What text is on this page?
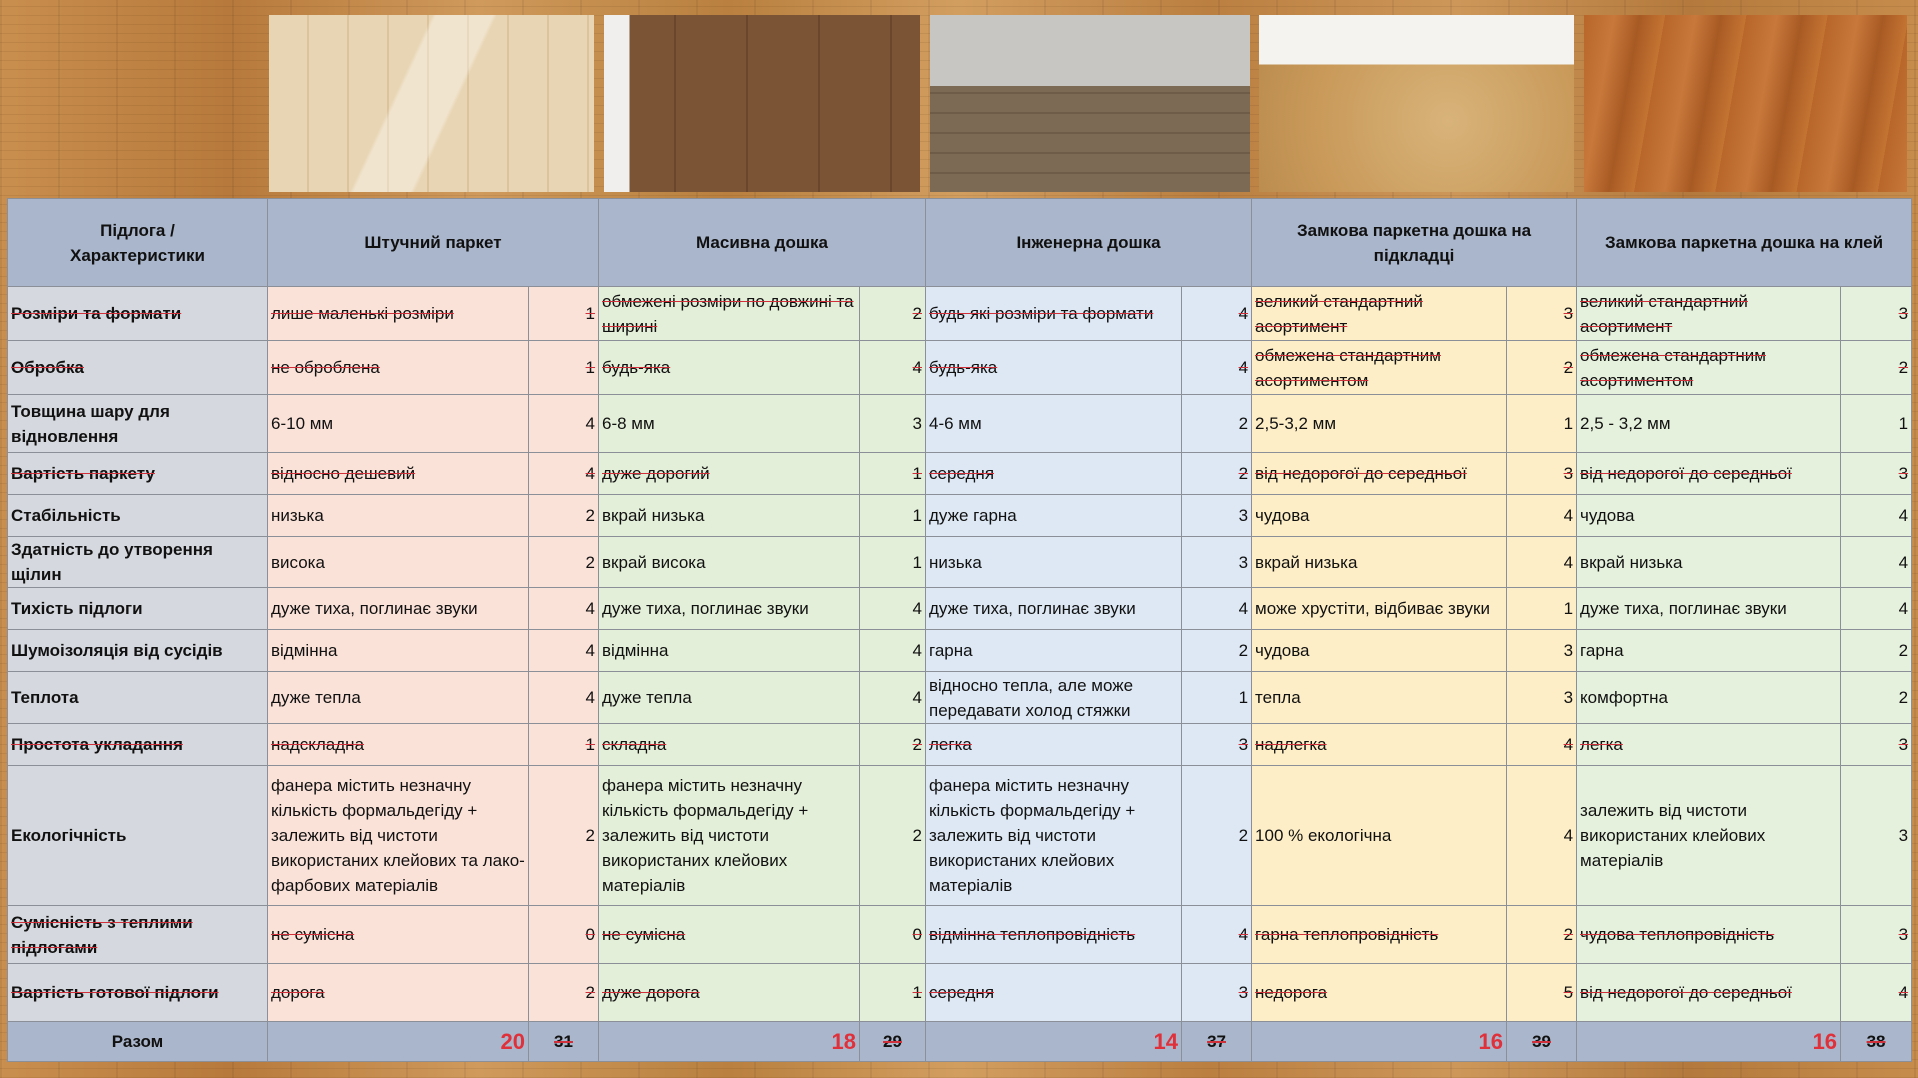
Підлога / Характеристики	Штучний паркет		Масивна дошка		Інженерна дошка		Замкова паркетна дошка на підкладці		Замкова паркетна дошка на клей	
Розміри та формати	лише маленькі розміри	1	обмежені розміри по довжині та ширині	2	будь які розміри та формати	4	великий стандартний асортимент	3	великий стандартний асортимент	3
Обробка	не оброблена	1	будь-яка	4	будь-яка	4	обмежена стандартним асортиментом	2	обмежена стандартним асортиментом	2
Товщина шару для відновлення	6-10 мм	4	6-8 мм	3	4-6 мм	2	2,5-3,2 мм	1	2,5 - 3,2 мм	1
Вартість паркету	відносно дешевий	4	дуже дорогий	1	середня	2	від недорогої до середньої	3	від недорогої до середньої	3
Стабільність	низька	2	вкрай низька	1	дуже гарна	3	чудова	4	чудова	4
Здатність до утворення щілин	висока	2	вкрай висока	1	низька	3	вкрай низька	4	вкрай низька	4
Тихість підлоги	дуже тиха, поглинає звуки	4	дуже тиха, поглинає звуки	4	дуже тиха, поглинає звуки	4	може хрустіти, відбиває звуки	1	дуже тиха, поглинає звуки	4
Шумоізоляція від сусідів	відмінна	4	відмінна	4	гарна	2	чудова	3	гарна	2
Теплота	дуже тепла	4	дуже тепла	4	відносно тепла, але може передавати холод стяжки	1	тепла	3	комфортна	2
Простота укладання	надскладна	1	складна	2	легка	3	надлегка	4	легка	3
Екологічність	фанера містить незначну кількість формальдегіду + залежить від чистоти використаних клейових та лако-фарбових матеріалів	2	фанера містить незначну кількість формальдегіду + залежить від чистоти використаних клейових матеріалів	2	фанера містить незначну кількість формальдегіду + залежить від чистоти використаних клейових матеріалів	2	100 % екологічна	4	залежить від чистоти використаних клейових матеріалів	3
Сумісність з теплими підлогами	не сумісна	0	не сумісна	0	відмінна теплопровідність	4	гарна теплопровідність	2	чудова теплопровідність	3
Вартість готової підлоги	дорога	2	дуже дорога	1	середня	3	недорога	5	від недорогої до середньої	4
Разом	20	31	18	29	14	37	16	39	16	38
